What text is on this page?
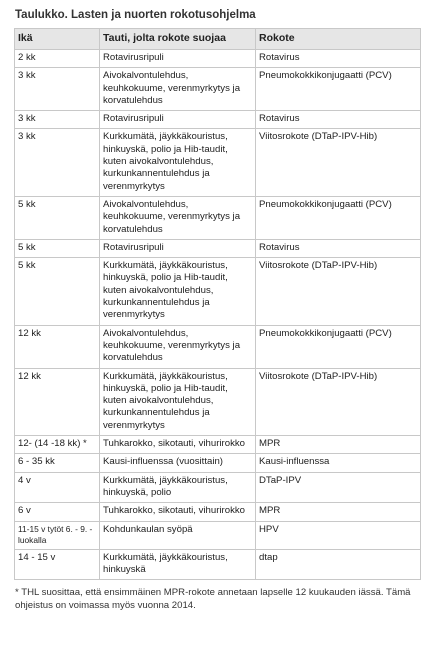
Taulukko. Lasten ja nuorten rokotusohjelma
Ikä	Tauti, jolta rokote suojaa	Rokote
2 kk	Rotavirusripuli	Rotavirus
3 kk	Aivokalvontulehdus, keuhkokuume, verenmyrkytys ja korvatulehdus	Pneumokokkikonjugaatti (PCV)
3 kk	Rotavirusripuli	Rotavirus
3 kk	Kurkkumätä, jäykkäkouristus, hinkuyskä, polio ja Hib-taudit, kuten aivokalvontulehdus, kurkunkannentulehdus ja verenmyrkytys	Viitosrokote (DTaP-IPV-Hib)
5 kk	Aivokalvontulehdus, keuhkokuume, verenmyrkytys ja korvatulehdus	Pneumokokkikonjugaatti (PCV)
5 kk	Rotavirusripuli	Rotavirus
5 kk	Kurkkumätä, jäykkäkouristus, hinkuyskä, polio ja Hib-taudit, kuten aivokalvontulehdus, kurkunkannentulehdus ja verenmyrkytys	Viitosrokote (DTaP-IPV-Hib)
12 kk	Aivokalvontulehdus, keuhkokuume, verenmyrkytys ja korvatulehdus	Pneumokokkikonjugaatti (PCV)
12 kk	Kurkkumätä, jäykkäkouristus, hinkuyskä, polio ja Hib-taudit, kuten aivokalvontulehdus, kurkunkannentulehdus ja verenmyrkytys	Viitosrokote (DTaP-IPV-Hib)
12- (14 -18 kk) *	Tuhkarokko, sikotauti, vihurirokko	MPR
6 - 35 kk	Kausi-influenssa (vuosittain)	Kausi-influenssa
4 v	Kurkkumätä, jäykkäkouristus, hinkuyskä, polio	DTaP-IPV
6 v	Tuhkarokko, sikotauti, vihurirokko	MPR
11-15 v tytöt 6. - 9. -luokalla	Kohdunkaulan syöpä	HPV
14 - 15 v	Kurkkumätä, jäykkäkouristus, hinkuyskä	dtap
* THL suosittaa, että ensimmäinen MPR-rokote annetaan lapselle 12 kuukauden iässä. Tämä ohjeistus on voimassa myös vuonna 2014.
